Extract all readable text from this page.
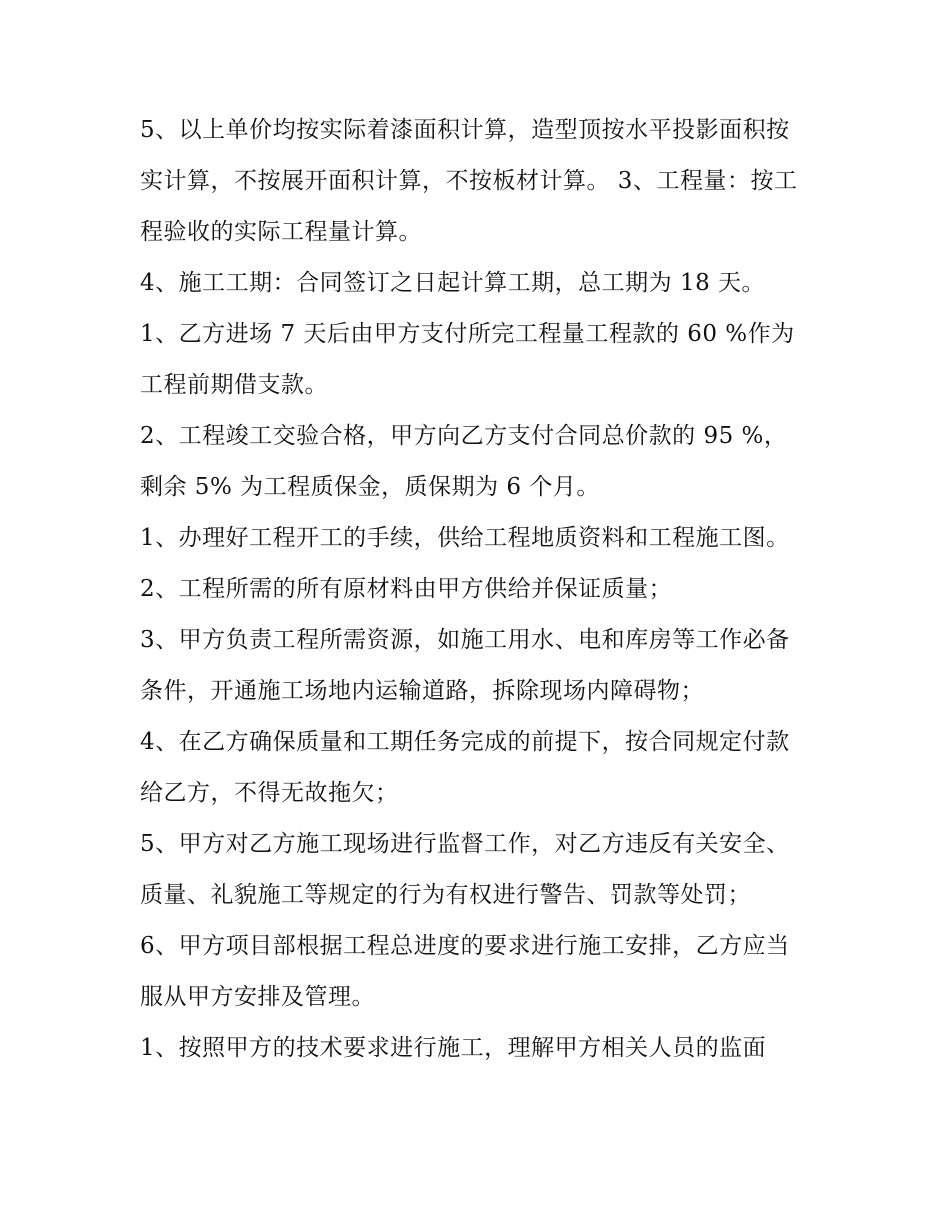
5、以上单价均按实际着漆面积计算，造型顶按水平投影面积按实计算，不按展开面积计算，不按板材计算。 3、工程量：按工程验收的实际工程量计算。

4、施工工期：合同签订之日起计算工期，总工期为 18 天。

1、乙方进场 7 天后由甲方支付所完工程量工程款的 60 %作为工程前期借支款。

2、工程竣工交验合格，甲方向乙方支付合同总价款的 95 %，剩余 5% 为工程质保金，质保期为 6 个月。

1、办理好工程开工的手续，供给工程地质资料和工程施工图。 2、工程所需的所有原材料由甲方供给并保证质量；

3、甲方负责工程所需资源，如施工用水、电和库房等工作必备条件，开通施工场地内运输道路，拆除现场内障碍物；

4、在乙方确保质量和工期任务完成的前提下，按合同规定付款给乙方，不得无故拖欠；

5、甲方对乙方施工现场进行监督工作，对乙方违反有关安全、质量、礼貌施工等规定的行为有权进行警告、罚款等处罚；

6、甲方项目部根据工程总进度的要求进行施工安排，乙方应当服从甲方安排及管理。

1、按照甲方的技术要求进行施工，理解甲方相关人员的监面
